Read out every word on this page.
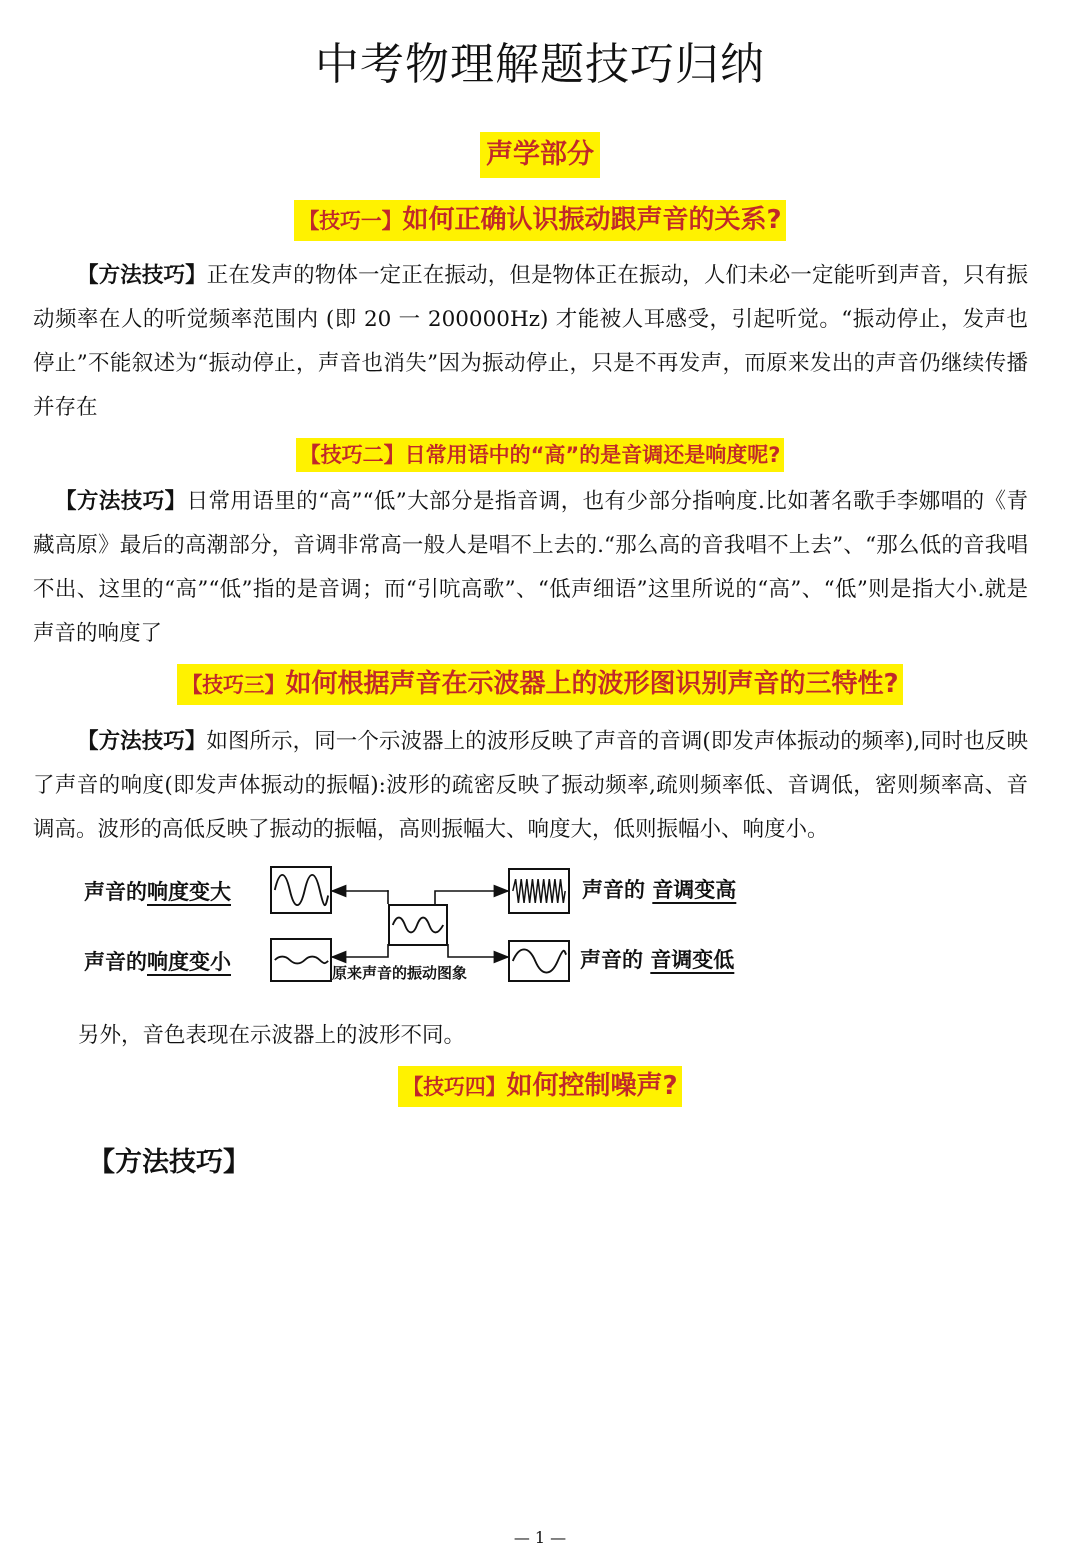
中考物理解题技巧归纳
声学部分
【技巧一】如何正确认识振动跟声音的关系?
【方法技巧】正在发声的物体一定正在振动，但是物体正在振动，人们未必一定能听到声音，只有振动频率在人的听觉频率范围内 (即 20 一 200000Hz) 才能被人耳感受，引起听觉。“振动停止，发声也停止”不能叙述为“振动停止，声音也消失”因为振动停止，只是不再发声，而原来发出的声音仍继续传播并存在
【技巧二】日常用语中的“高”的是音调还是响度呢?
【方法技巧】日常用语里的“高”“低”大部分是指音调，也有少部分指响度.比如著名歌手李娜唱的《青藏高原》最后的高潮部分，音调非常高一般人是唱不上去的.“那么高的音我唱不上去”、“那么低的音我唱不出、这里的“高”“低”指的是音调；而“引吭高歌”、“低声细语”这里所说的“高”、“低”则是指大小.就是声音的响度了
【技巧三】如何根据声音在示波器上的波形图识别声音的三特性?
【方法技巧】如图所示，同一个示波器上的波形反映了声音的音调(即发声体振动的频率),同时也反映了声音的响度(即发声体振动的振幅):波形的疏密反映了振动频率,疏则频率低、音调低，密则频率高、音调高。波形的高低反映了振动的振幅，高则振幅大、响度大，低则振幅小、响度小。
声音的响度变大	声音的 音调变高
声音的响度变小	原来声音的振动图象
声音的 音调变低
另外，音色表现在示波器上的波形不同。
【技巧四】如何控制噪声?
【方法技巧】
— 1 —
